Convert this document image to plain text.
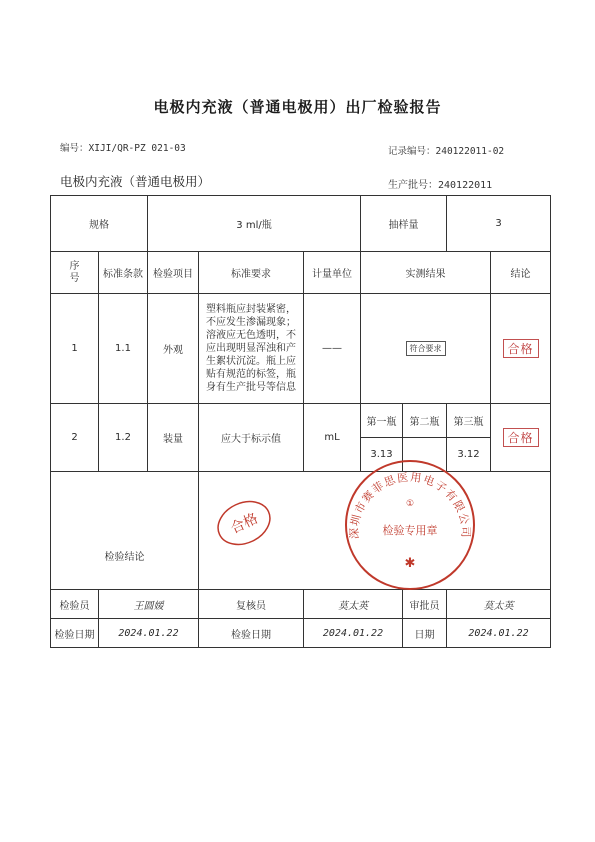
电极内充液（普通电极用）出厂检验报告
编号：XIJI/QR-PZ 021-03	记录编号：240122011-02
电极内充液（普通电极用）	生产批号：240122011
规格		3 ml/瓶			抽样量		3	
序号	标准条款	检验项目	标准要求	计量单位	实测结果			结论
1	1.1	外观	塑料瓶应封装紧密，不应发生渗漏现象；溶液应无色透明，不应出现明显浑浊和产生絮状沉淀。瓶上应贴有规范的标签，瓶身有生产批号等信息	——	符合要求			合格
2	1.2	装量	应大于标示值	mL	第一瓶	第二瓶	第三瓶	合格
					3.13		3.12	
检验结论								
检验员	王圆媛		复核员	莫太英		审批员	莫太英	
检验日期	2024.01.22		检验日期	2024.01.22		日期	2024.01.22	
合格	深圳市赛菲思医用电子有限公司
①
检验专用章
✱
